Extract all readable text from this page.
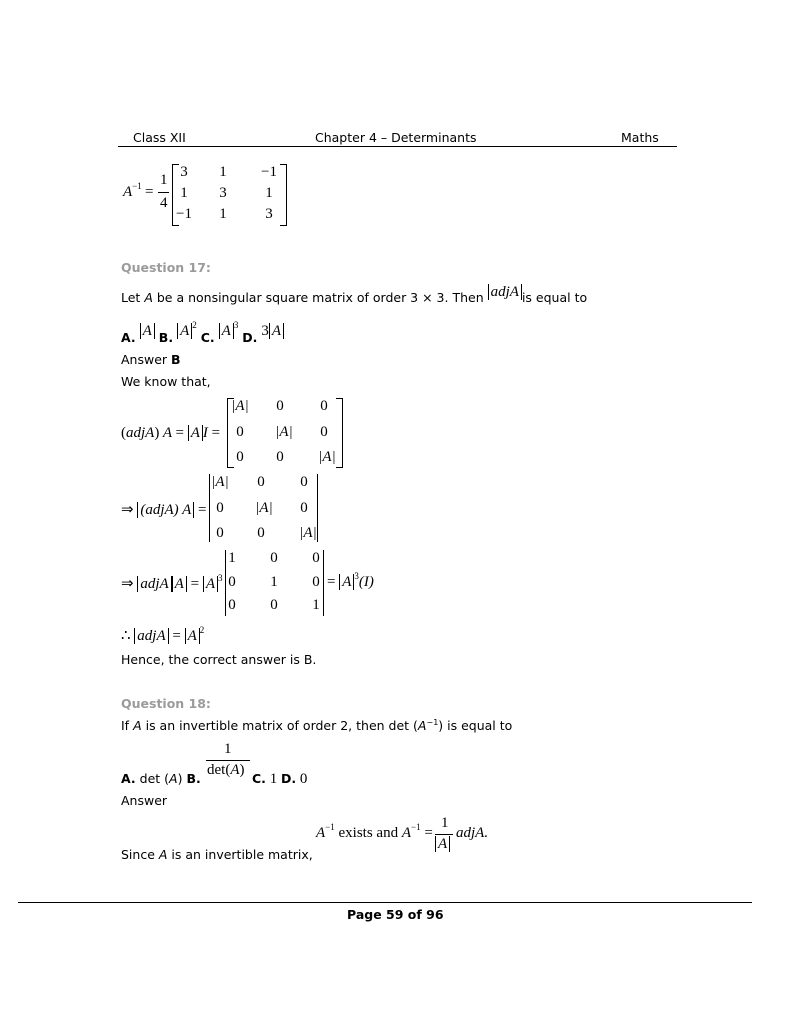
Class XII	Chapter 4 – Determinants	Maths
$A^{-1}$ =
1
4
3	1	−1
1	3	1
−1	1	3
Question 17:
Let A be a nonsingular square matrix of order 3 × 3. Then adjA is equal to
A. A B. A $^2$ C. A $^3$ D. 3 A
Answer B
We know that,
(adjA) A = A I =
|A|	0	0
0	|A|	0
0	0	|A|
⇒ (adjA) A =
|A|	0	0
0	|A|	0
0	0	|A|
⇒ adjA A = A $^3$
1	0	0
0	1	0
0	0	1
= A $^3$(I)
∴ adjA = A $^2$
Hence, the correct answer is B.
Question 18:
If A is an invertible matrix of order 2, then $\det (A^{-1})$ is equal to
A. det (A) B.
1
det(A)
C. 1 D. 0
Answer
$A^{-1}$ exists and $A^{-1}$ =
1
A
adjA.
Since A is an invertible matrix,
Page 59 of 96
